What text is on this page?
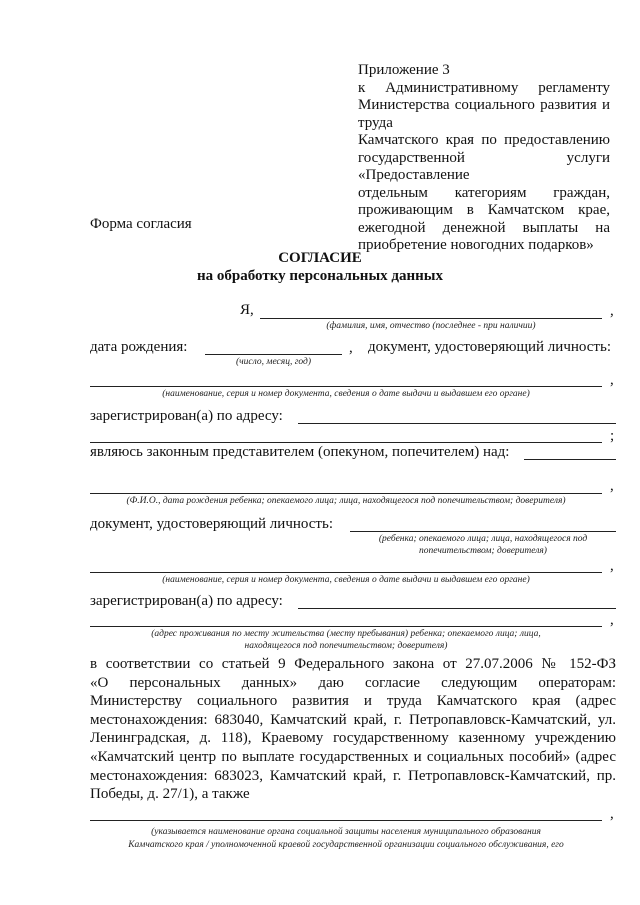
Приложение 3
к Административному регламенту
Министерства социального развития и труда
Камчатского края по предоставлению
государственной услуги «Предоставление
отдельным категориям граждан,
проживающим в Камчатском крае,
ежегодной денежной выплаты на
приобретение новогодних подарков»
Форма согласия
СОГЛАСИЕ
на обработку персональных данных
Я,	,
(фамилия, имя, отчество (последнее - при наличии)
дата рождения:	, документ, удостоверяющий личность:
(число, месяц, год)
,
(наименование, серия и номер документа, сведения о дате выдачи и выдавшем его органе)
зарегистрирован(а) по адресу:
;
являюсь законным представителем (опекуном, попечителем) над:
,
(Ф.И.О., дата рождения ребенка; опекаемого лица; лица, находящегося под попечительством; доверителя)
документ, удостоверяющий личность:
(ребенка; опекаемого лица; лица, находящегося под
попечительством; доверителя)
,
(наименование, серия и номер документа, сведения о дате выдачи и выдавшем его органе)
зарегистрирован(а) по адресу:
,
(адрес проживания по месту жительства (месту пребывания) ребенка; опекаемого лица; лица,
находящегося под попечительством; доверителя)
в соответствии со статьей 9 Федерального закона от 27.07.2006 № 152-ФЗ
«О персональных данных» даю согласие следующим операторам:
Министерству социального развития и труда Камчатского края (адрес
местонахождения: 683040, Камчатский край, г. Петропавловск-Камчатский, ул.
Ленинградская, д. 118), Краевому государственному казенному учреждению
«Камчатский центр по выплате государственных и социальных пособий» (адрес
местонахождения: 683023, Камчатский край, г. Петропавловск-Камчатский, пр.
Победы, д. 27/1), а также
,
(указывается наименование органа социальной защиты населения муниципального образования
Камчатского края / уполномоченной краевой государственной организации социального обслуживания, его
